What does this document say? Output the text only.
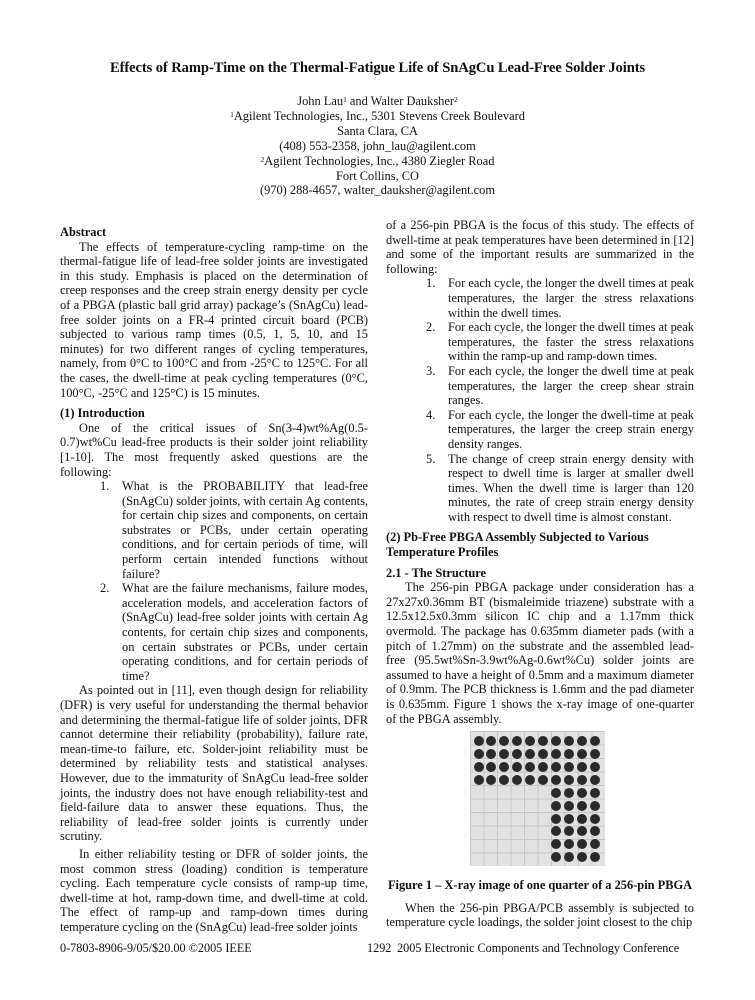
Effects of Ramp-Time on the Thermal-Fatigue Life of SnAgCu Lead-Free Solder Joints
John Lau$^1$ and Walter Dauksher$^2$
$^1$Agilent Technologies, Inc., 5301 Stevens Creek Boulevard
Santa Clara, CA
(408) 553-2358, john_lau@agilent.com
$^2$Agilent Technologies, Inc., 4380 Ziegler Road
Fort Collins, CO
(970) 288-4657, walter_dauksher@agilent.com
Abstract

The effects of temperature-cycling ramp-time on the thermal-fatigue life of lead-free solder joints are investigated in this study. Emphasis is placed on the determination of creep responses and the creep strain energy density per cycle of a PBGA (plastic ball grid array) package’s (SnAgCu) lead-free solder joints on a FR-4 printed circuit board (PCB) subjected to various ramp times (0.5, 1, 5, 10, and 15 minutes) for two different ranges of cycling temperatures, namely, from 0°C to 100°C and from -25°C to 125°C. For all the cases, the dwell-time at peak cycling temperatures (0°C, 100°C, -25°C and 125°C) is 15 minutes.

(1) Introduction

One of the critical issues of Sn(3-4)wt%Ag(0.5-0.7)wt%Cu lead-free products is their solder joint reliability [1-10]. The most frequently asked questions are the following:

1. What is the PROBABILITY that lead-free (SnAgCu) solder joints, with certain Ag contents, for certain chip sizes and components, on certain substrates or PCBs, under certain operating conditions, and for certain periods of time, will perform certain intended functions without failure?
2. What are the failure mechanisms, failure modes, acceleration models, and acceleration factors of (SnAgCu) lead-free solder joints with certain Ag contents, for certain chip sizes and components, on certain substrates or PCBs, under certain operating conditions, and for certain periods of time?

As pointed out in [11], even though design for reliability (DFR) is very useful for understanding the thermal behavior and determining the thermal-fatigue life of solder joints, DFR cannot determine their reliability (probability), failure rate, mean-time-to failure, etc. Solder-joint reliability must be determined by reliability tests and statistical analyses. However, due to the immaturity of SnAgCu lead-free solder joints, the industry does not have enough reliability-test and field-failure data to answer these equations. Thus, the reliability of lead-free solder joints is currently under scrutiny.

In either reliability testing or DFR of solder joints, the most common stress (loading) condition is temperature cycling. Each temperature cycle consists of ramp-up time, dwell-time at hot, ramp-down time, and dwell-time at cold. The effect of ramp-up and ramp-down times during temperature cycling on the (SnAgCu) lead-free solder joints

of a 256-pin PBGA is the focus of this study. The effects of dwell-time at peak temperatures have been determined in [12] and some of the important results are summarized in the following:

1. For each cycle, the longer the dwell times at peak temperatures, the larger the stress relaxations within the dwell times.
2. For each cycle, the longer the dwell times at peak temperatures, the faster the stress relaxations within the ramp-up and ramp-down times.
3. For each cycle, the longer the dwell time at peak temperatures, the larger the creep shear strain ranges.
4. For each cycle, the longer the dwell-time at peak temperatures, the larger the creep strain energy density ranges.
5. The change of creep strain energy density with respect to dwell time is larger at smaller dwell times. When the dwell time is larger than 120 minutes, the rate of creep strain energy density with respect to dwell time is almost constant.
(2) Pb-Free PBGA Assembly Subjected to Various Temperature Profiles
2.1 - The Structure

The 256-pin PBGA package under consideration has a 27x27x0.36mm BT (bismaleimide triazene) substrate with a 12.5x12.5x0.3mm silicon IC chip and a 1.17mm thick overmold. The package has 0.635mm diameter pads (with a pitch of 1.27mm) on the substrate and the assembled lead-free (95.5wt%Sn-3.9wt%Ag-0.6wt%Cu) solder joints are assumed to have a height of 0.5mm and a maximum diameter of 0.9mm. The PCB thickness is 1.6mm and the pad diameter is 0.635mm. Figure 1 shows the x-ray image of one-quarter of the PBGA assembly.

Figure 1 – X-ray image of one quarter of a 256-pin PBGA

When the 256-pin PBGA/PCB assembly is subjected to temperature cycle loadings, the solder joint closest to the chip

0-7803-8906-9/05/$20.00 ©2005 IEEE	1292 2005 Electronic Components and Technology Conference
